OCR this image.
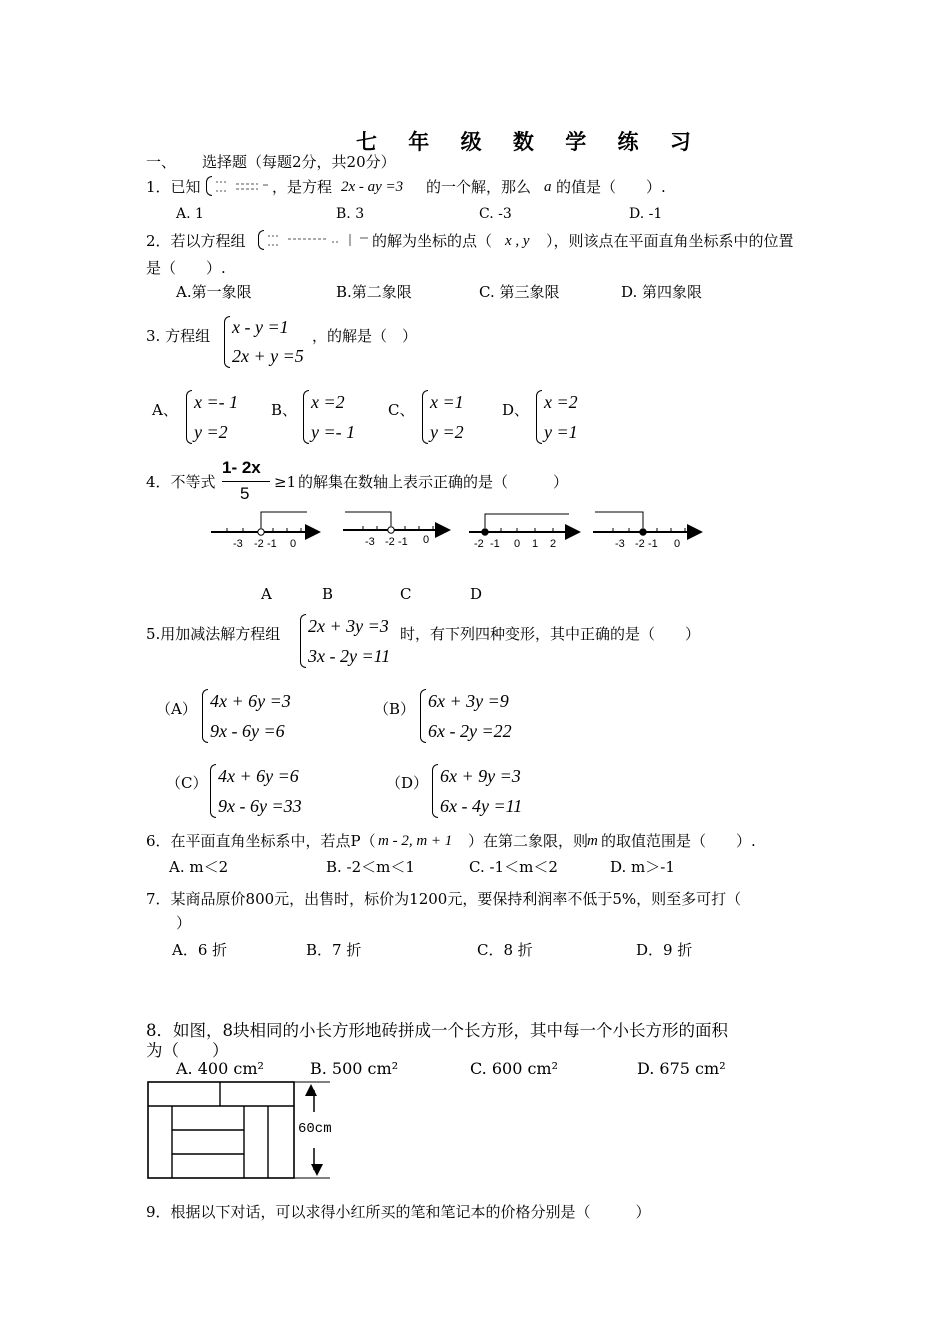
七 年 级 数 学 练 习
一、 选择题（每题2分，共20分）
1．已知	，是方程 2x - ay =3 的一个解，那么 a 的值是（　　）.
A. 1	B. 3	C. -3	D. -1
2．若以方程组	的解为坐标的点（ x , y ），则该点在平面直角坐标系中的位置
是（　　）.
A.第一象限	B.第二象限	C. 第三象限	D. 第四象限
3. 方程组 x - y =1
2x + y =5
，的解是（　）
A、 x =- 1
y =2
B、 x =2
y =- 1
C、 x =1
y =2
D、 x =2
y =1
4．不等式
1- 2x
5
≥1 的解集在数轴上表示正确的是（　　　）
-3 -2 -1 0	-3 -2 -1 0	-2 -1 0 1 2	-3 -2 -1 0
A	B	C	D
5.用加减法解方程组 2x + 3y =3
3x - 2y =11
时，有下列四种变形，其中正确的是（　　）
（A） 4x + 6y =3
9x - 6y =6
（B） 6x + 3y =9
6x - 2y =22
（C） 4x + 6y =6
9x - 6y =33
（D） 6x + 9y =3
6x - 4y =11
6．在平面直角坐标系中，若点P（ m - 2, m + 1 ）在第二象限，则
m 的取值范围是（　　）.
A. m＜2	B. -2＜m＜1	C. -1＜m＜2	D. m＞-1
7．某商品原价800元，出售时，标价为1200元，要保持利润率不低于5%，则至多可打（
）
A．6 折	B．7 折	C．8 折	D．9 折
8．如图，8块相同的小长方形地砖拼成一个长方形，其中每一个小长方形的面积
为（　　）
A. 400 cm²	B. 500 cm²	C. 600 cm²	D. 675 cm²
60cm
9．根据以下对话，可以求得小红所买的笔和笔记本的价格分别是（　　　）
